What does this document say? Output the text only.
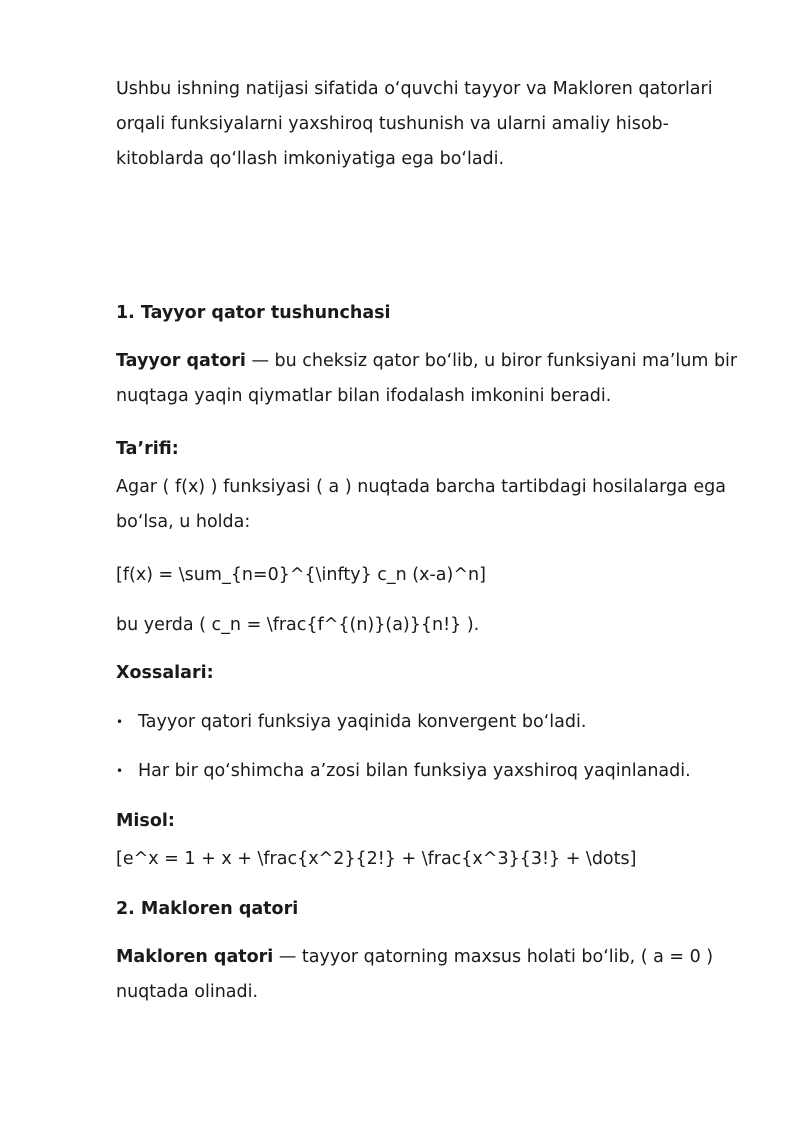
Ushbu ishning natijasi sifatida o‘quvchi tayyor va Makloren qatorlari
orqali funksiyalarni yaxshiroq tushunish va ularni amaliy hisob-
kitoblarda qo‘llash imkoniyatiga ega bo‘ladi.
1. Tayyor qator tushunchasi
Tayyor qatori — bu cheksiz qator bo‘lib, u biror funksiyani ma’lum bir
nuqtaga yaqin qiymatlar bilan ifodalash imkonini beradi.
Ta’rifi:
Agar ( f(x) ) funksiyasi ( a ) nuqtada barcha tartibdagi hosilalarga ega
bo‘lsa, u holda:
[f(x) = \sum_{n=0}^{\infty} c_n (x-a)^n]
bu yerda ( c_n = \frac{f^{(n)}(a)}{n!} ).
Xossalari:
• Tayyor qatori funksiya yaqinida konvergent bo‘ladi.
• Har bir qo‘shimcha a’zosi bilan funksiya yaxshiroq yaqinlanadi.
Misol:
[e^x = 1 + x + \frac{x^2}{2!} + \frac{x^3}{3!} + \dots]
2. Makloren qatori
Makloren qatori — tayyor qatorning maxsus holati bo‘lib, ( a = 0 )
nuqtada olinadi.
